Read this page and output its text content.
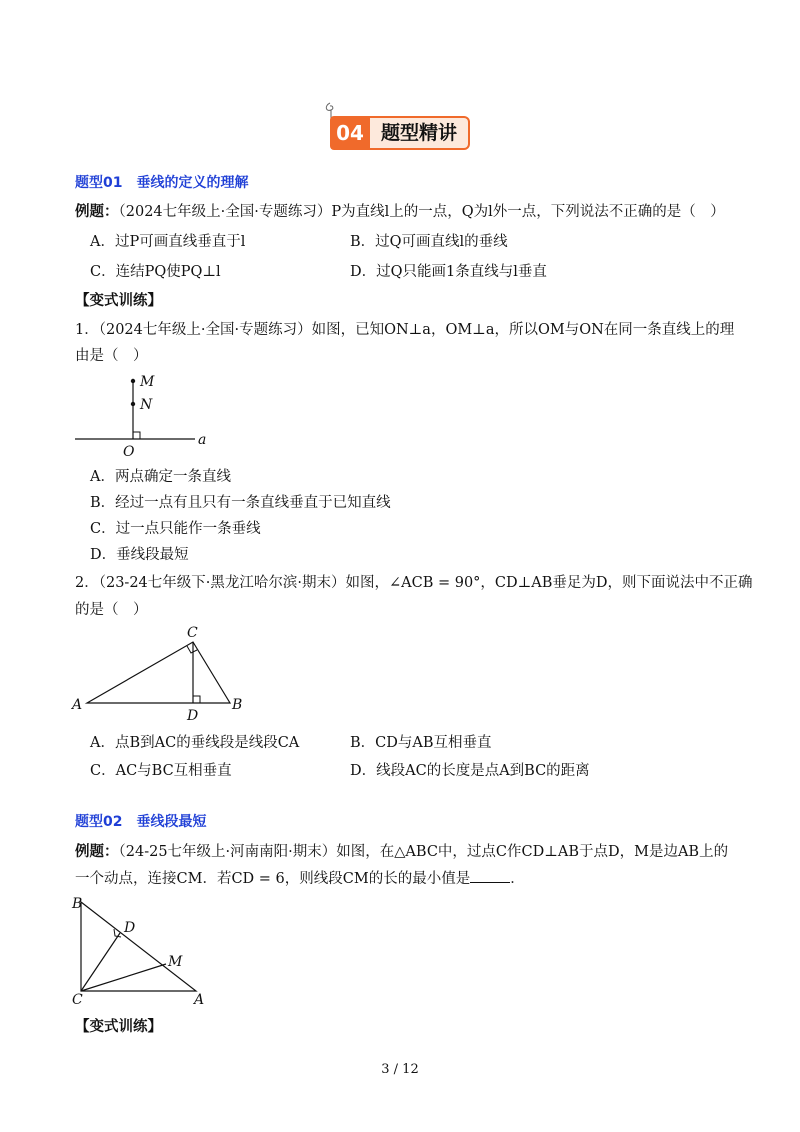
04 题型精讲
题型01　垂线的定义的理解
例题：（2024七年级上·全国·专题练习）P为直线l上的一点，Q为l外一点，下列说法不正确的是（　）
A．过P可画直线垂直于l	B．过Q可画直线l的垂线
C．连结PQ使PQ⊥l	D．过Q只能画1条直线与l垂直
【变式训练】
1．（2024七年级上·全国·专题练习）如图，已知ON⊥a，OM⊥a，所以OM与ON在同一条直线上的理
由是（　）
M
N
O
a
A．两点确定一条直线
B．经过一点有且只有一条直线垂直于已知直线
C．过一点只能作一条垂线
D．垂线段最短
2．（23-24七年级下·黑龙江哈尔滨·期末）如图，∠ACB = 90°，CD⊥AB垂足为D，则下面说法中不正确
的是（　）
C
A	B
D
A．点B到AC的垂线段是线段CA	B．CD与AB互相垂直
C．AC与BC互相垂直	D．线段AC的长度是点A到BC的距离
题型02　垂线段最短
例题：（24-25七年级上·河南南阳·期末）如图，在△ABC中，过点C作CD⊥AB于点D，M是边AB上的
一个动点，连接CM．若CD = 6，则线段CM的长的最小值是	．
B
D
M
C	A
【变式训练】
3 / 12
